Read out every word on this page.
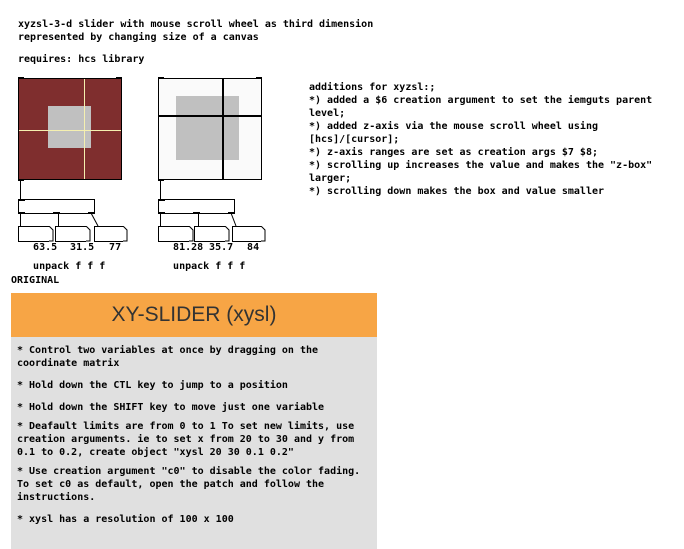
xyzsl-3-d slider with mouse scroll wheel as third dimension
represented by changing size of a canvas
requires: hcs library

unpack f f f

	unpack f f f

63.5
	31.5
	77
	81.28
35.7
	84

additions for xyzsl:;
*) added a $6 creation argument to set the iemguts parent
level;
*) added z-axis via the mouse scroll wheel using
[hcs]/[cursor];
*) z-axis ranges are set as creation args $7 $8;
*) scrolling up increases the value and makes the "z-box"
larger;
*) scrolling down makes the box and value smaller
ORIGINAL
XY-SLIDER (xysl)
* Control two variables at once by dragging on the coordinate matrix
* Hold down the CTL key to jump to a position
* Hold down the SHIFT key to move just one variable
* Deafault limits are from 0 to 1 To set new limits, use creation arguments. ie to set x from 20 to 30 and y from 0.1 to 0.2, create object "xysl 20 30 0.1 0.2"
* Use creation argument "c0" to disable the color fading. To set c0 as default, open the patch and follow the instructions.
* xysl has a resolution of 100 x 100
